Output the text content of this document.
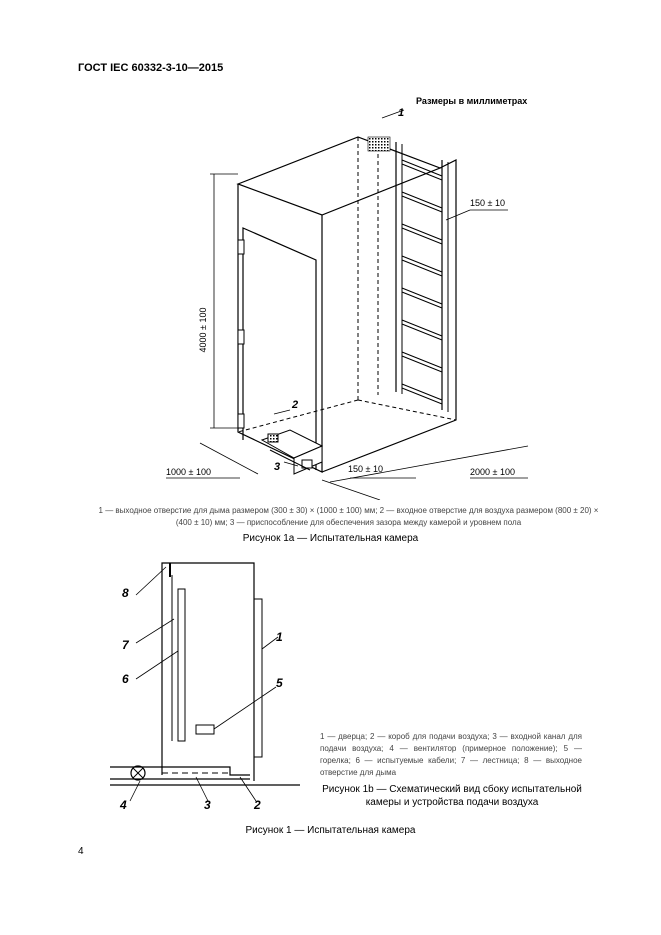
ГОСТ IEC 60332-3-10—2015
Размеры в миллиметрах
4000 ± 100
150 ± 10
1000 ± 100	150 ± 10	2000 ± 100
1
2
3
1 — выходное отверстие для дыма размером (300 ± 30) × (1000 ± 100) мм; 2 — входное отверстие для воздуха размером (800 ± 20) × (400 ± 10) мм; 3 — приспособление для обеспечения зазора между камерой и уровнем пола
Рисунок 1a — Испытательная камера
8
7
6
1
5
4	3	2
1 — дверца; 2 — короб для подачи воздуха; 3 — входной канал для подачи воздуха; 4 — вентилятор (примерное положение); 5 — горелка; 6 — испытуемые кабели; 7 — лестница; 8 — выходное отверстие для дыма
Рисунок 1b — Схематический вид сбоку испытательной камеры и устройства подачи воздуха
Рисунок 1 — Испытательная камера
4
